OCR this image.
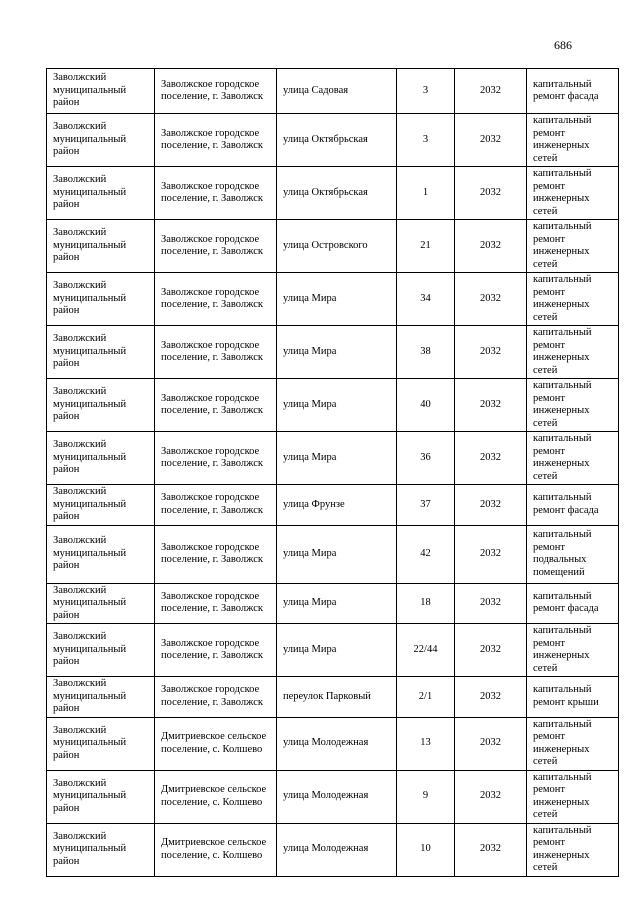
686
Заволжский муниципальный район	Заволжское городское поселение, г. Заволжск	улица Садовая	3	2032	капитальный ремонт фасада
Заволжский муниципальный район	Заволжское городское поселение, г. Заволжск	улица Октябрьская	3	2032	капитальный ремонт инженерных сетей
Заволжский муниципальный район	Заволжское городское поселение, г. Заволжск	улица Октябрьская	1	2032	капитальный ремонт инженерных сетей
Заволжский муниципальный район	Заволжское городское поселение, г. Заволжск	улица Островского	21	2032	капитальный ремонт инженерных сетей
Заволжский муниципальный район	Заволжское городское поселение, г. Заволжск	улица Мира	34	2032	капитальный ремонт инженерных сетей
Заволжский муниципальный район	Заволжское городское поселение, г. Заволжск	улица Мира	38	2032	капитальный ремонт инженерных сетей
Заволжский муниципальный район	Заволжское городское поселение, г. Заволжск	улица Мира	40	2032	капитальный ремонт инженерных сетей
Заволжский муниципальный район	Заволжское городское поселение, г. Заволжск	улица Мира	36	2032	капитальный ремонт инженерных сетей
Заволжский муниципальный район	Заволжское городское поселение, г. Заволжск	улица Фрунзе	37	2032	капитальный ремонт фасада
Заволжский муниципальный район	Заволжское городское поселение, г. Заволжск	улица Мира	42	2032	капитальный ремонт подвальных помещений
Заволжский муниципальный район	Заволжское городское поселение, г. Заволжск	улица Мира	18	2032	капитальный ремонт фасада
Заволжский муниципальный район	Заволжское городское поселение, г. Заволжск	улица Мира	22/44	2032	капитальный ремонт инженерных сетей
Заволжский муниципальный район	Заволжское городское поселение, г. Заволжск	переулок Парковый	2/1	2032	капитальный ремонт крыши
Заволжский муниципальный район	Дмитриевское сельское поселение, с. Колшево	улица Молодежная	13	2032	капитальный ремонт инженерных сетей
Заволжский муниципальный район	Дмитриевское сельское поселение, с. Колшево	улица Молодежная	9	2032	капитальный ремонт инженерных сетей
Заволжский муниципальный район	Дмитриевское сельское поселение, с. Колшево	улица Молодежная	10	2032	капитальный ремонт инженерных сетей
